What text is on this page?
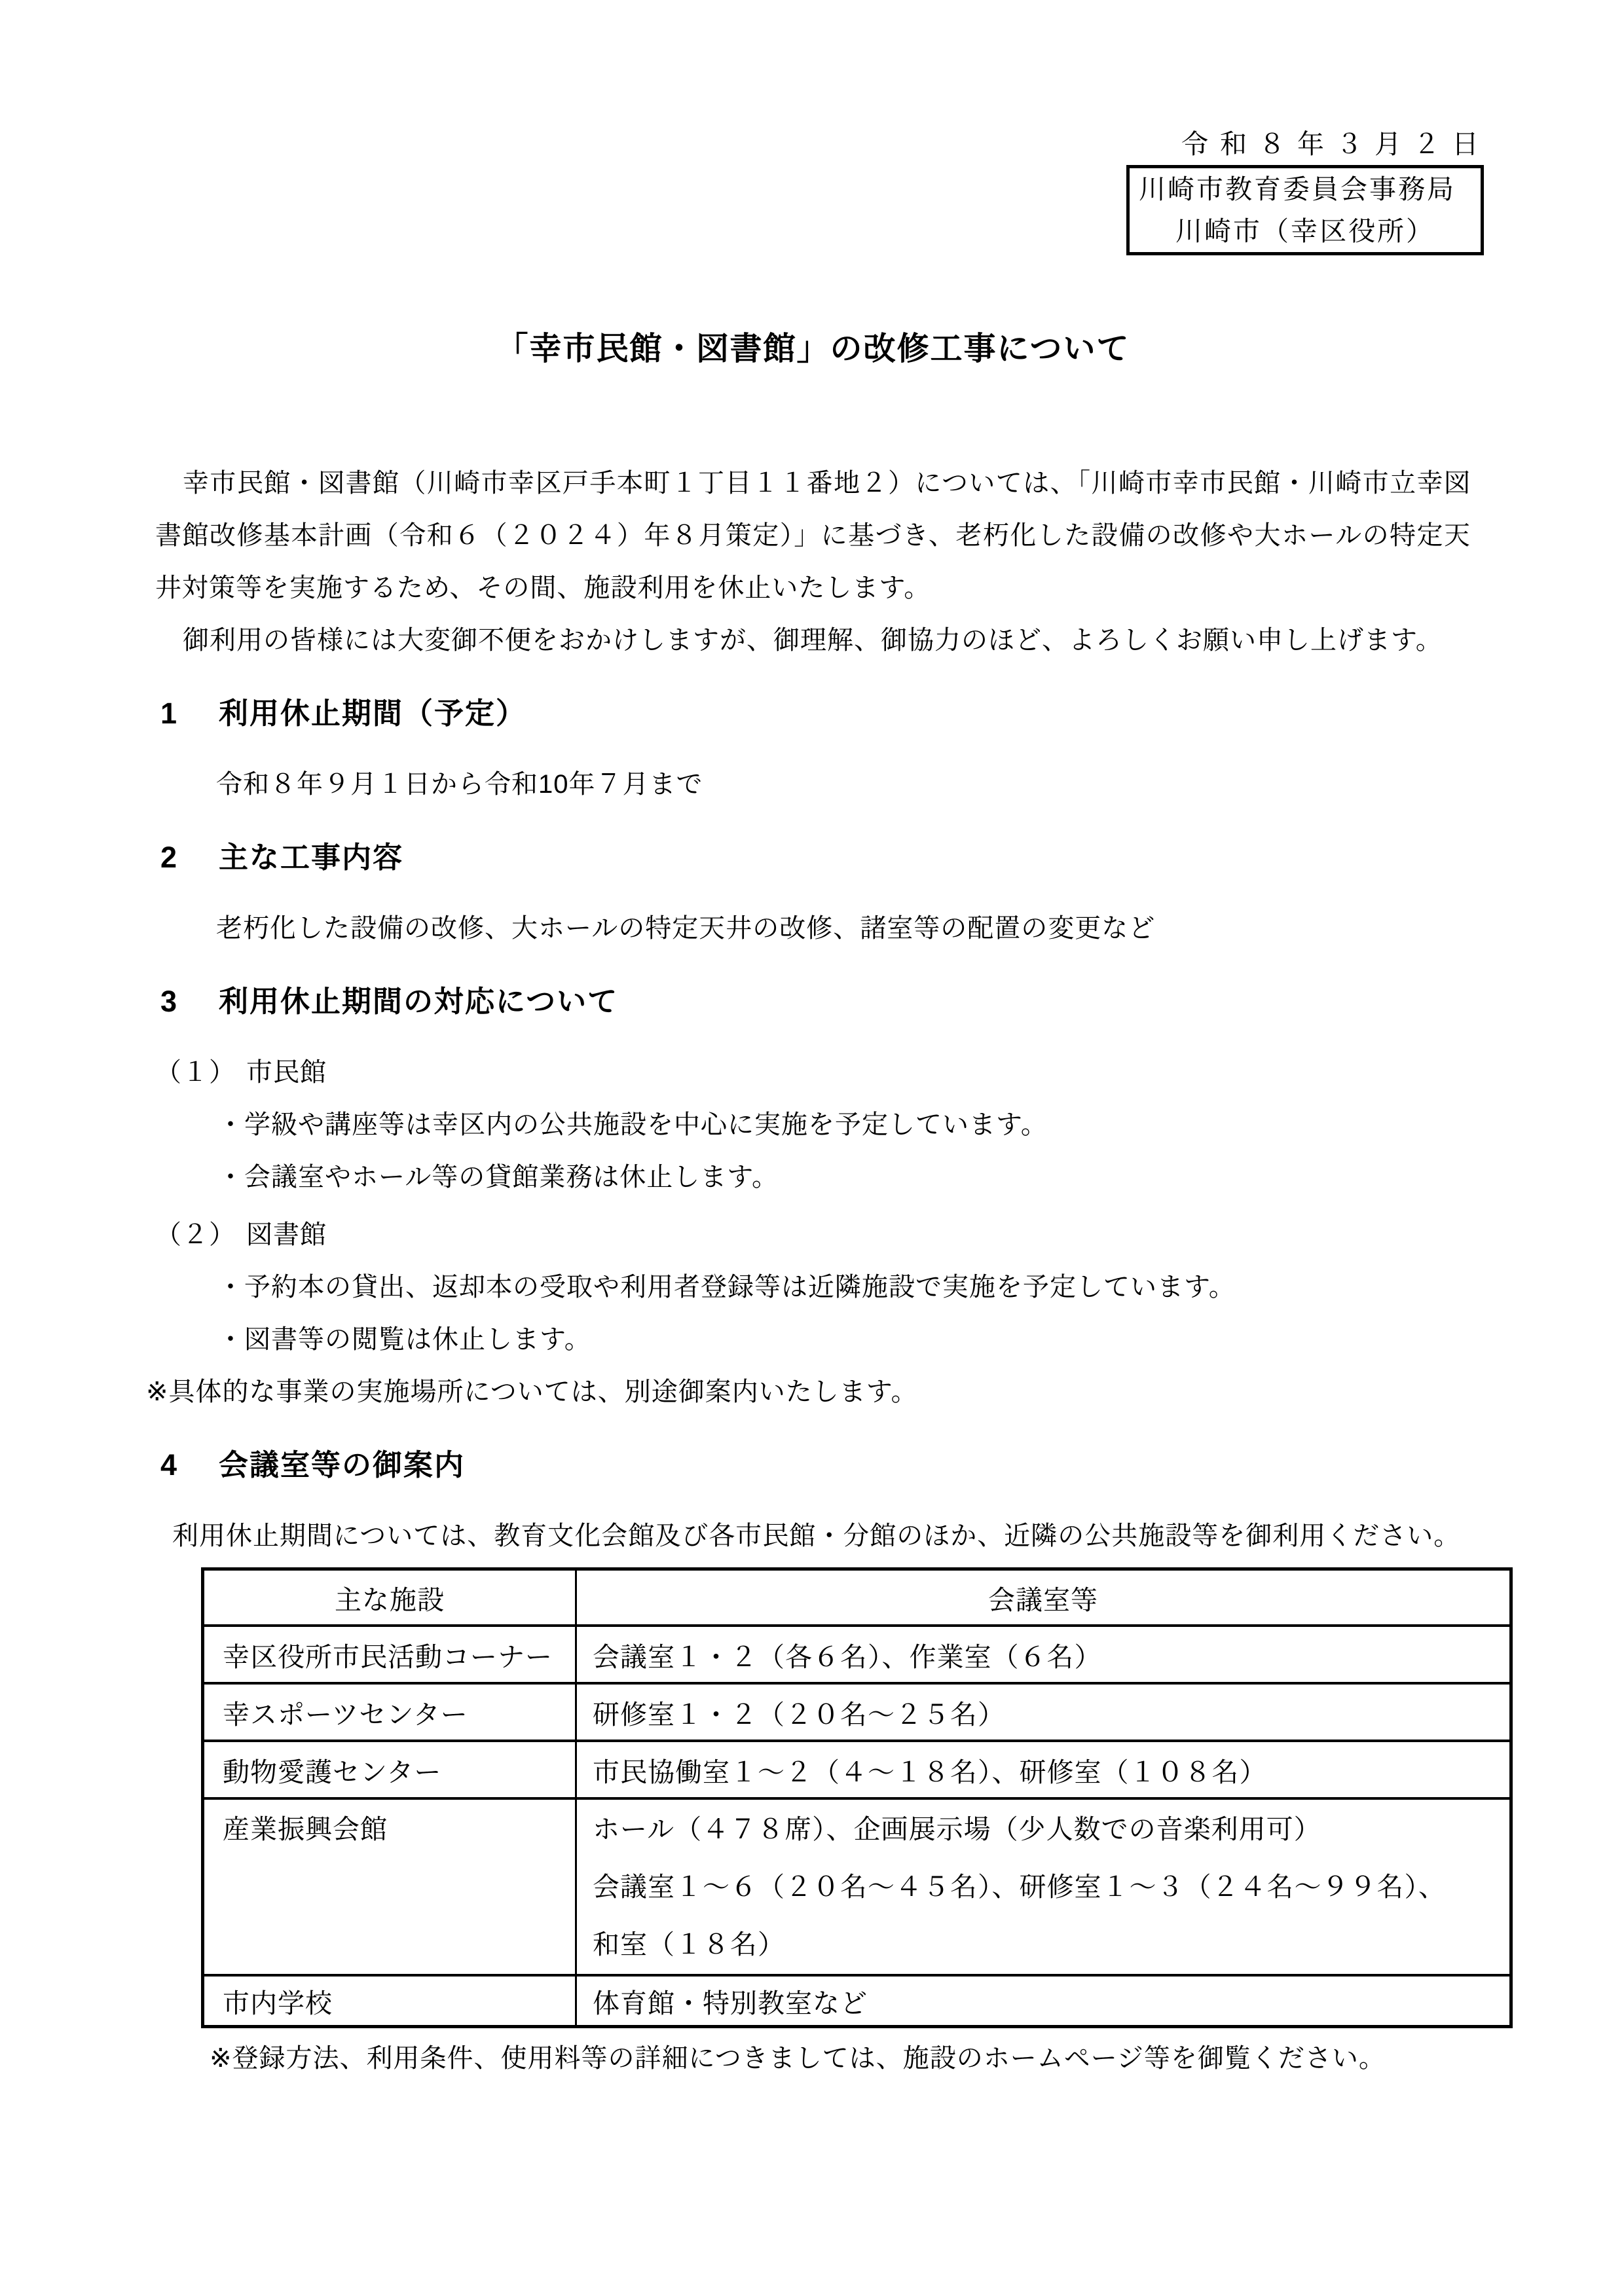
令和８年３月２日
川崎市教育委員会事務局
川崎市（幸区役所）
「幸市民館・図書館」の改修工事について

幸市民館・図書館（川崎市幸区戸手本町１丁目１１番地２）については、「川崎市幸市民館・川崎市立幸図書館改修基本計画（令和６（２０２４）年８月策定）」に基づき、老朽化した設備の改修や大ホールの特定天井対策等を実施するため、その間、施設利用を休止いたします。

御利用の皆様には大変御不便をおかけしますが、御理解、御協力のほど、よろしくお願い申し上げます。

1 利用休止期間（予定）

令和８年９月１日から令和10年７月まで

2 主な工事内容

老朽化した設備の改修、大ホールの特定天井の改修、諸室等の配置の変更など

3 利用休止期間の対応について
（１） 市民館

・学級や講座等は幸区内の公共施設を中心に実施を予定しています。

・会議室やホール等の貸館業務は休止します。

（２） 図書館

・予約本の貸出、返却本の受取や利用者登録等は近隣施設で実施を予定しています。

・図書等の閲覧は休止します。

※具体的な事業の実施場所については、別途御案内いたします。

4 会議室等の御案内

利用休止期間については、教育文化会館及び各市民館・分館のほか、近隣の公共施設等を御利用ください。

主な施設	会議室等
幸区役所市民活動コーナー	会議室１・２（各６名）、作業室（６名）
幸スポーツセンター	研修室１・２（２０名～２５名）
動物愛護センター	市民協働室１～２（４～１８名）、研修室（１０８名）

産業振興会館	ホール（４７８席）、企画展示場（少人数での音楽利用可）
会議室１～６（２０名～４５名）、研修室１～３（２４名～９９名）、
和室（１８名）

市内学校	体育館・特別教室など

※登録方法、利用条件、使用料等の詳細につきましては、施設のホームページ等を御覧ください。
